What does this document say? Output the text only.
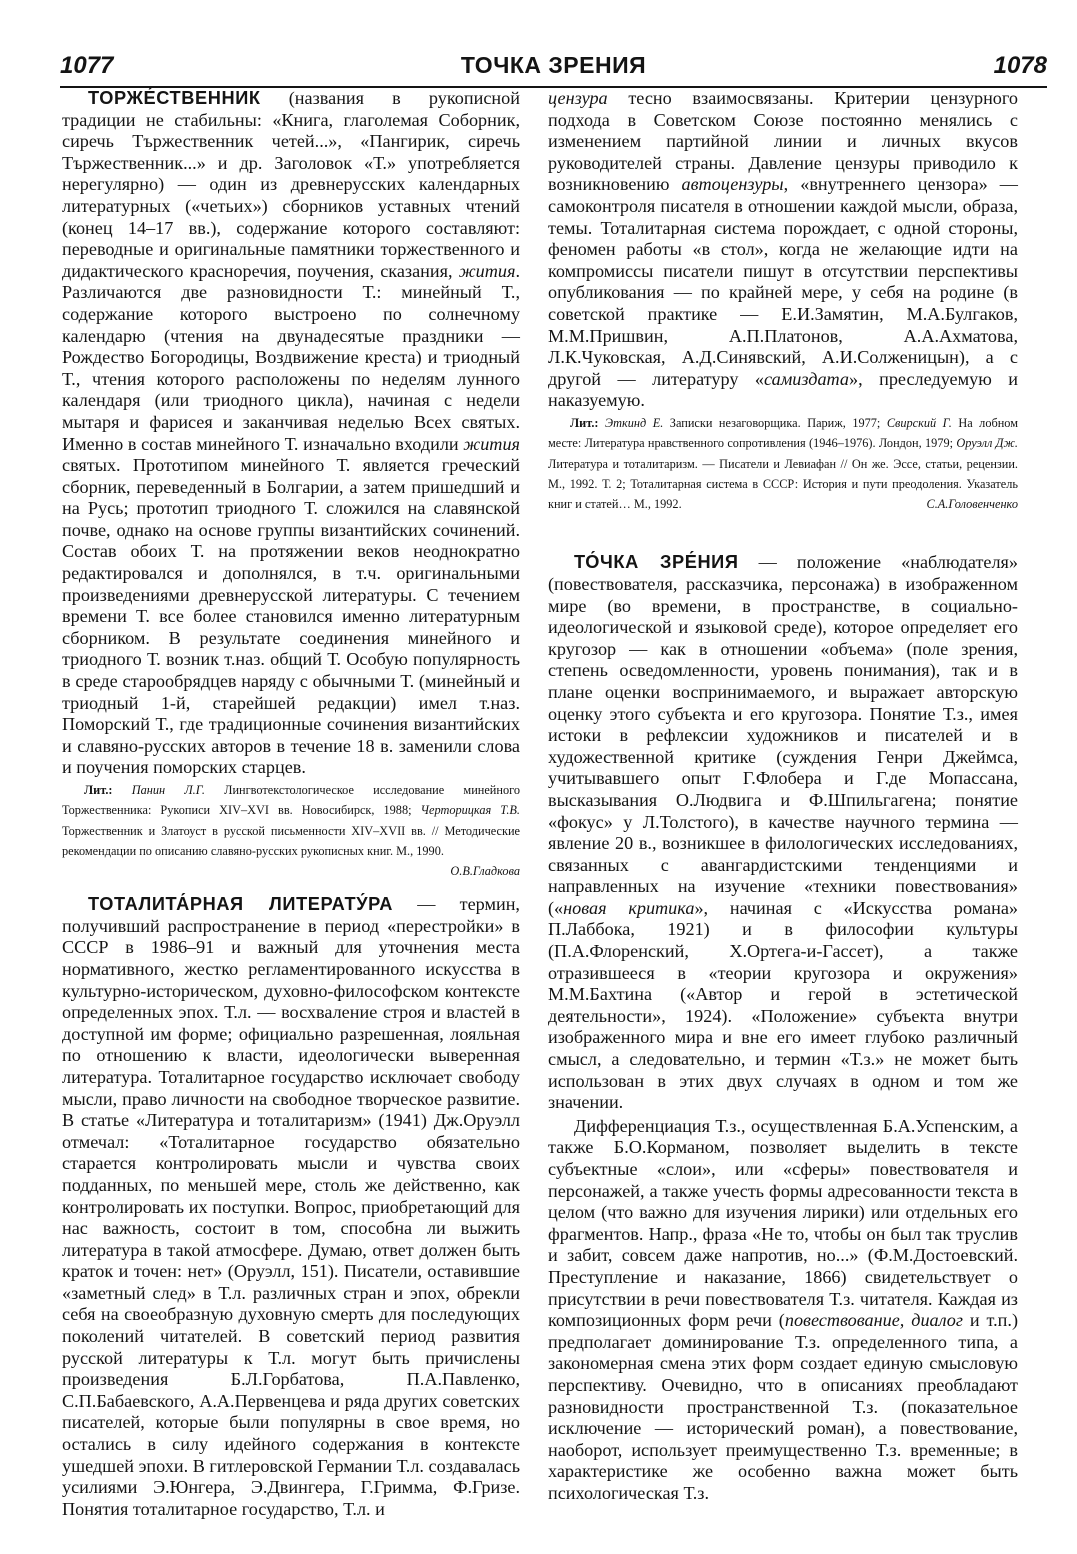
1077	ТОЧКА ЗРЕНИЯ	1078

ТОРЖЕ́СТВЕННИК (названия в рукописной традиции не стабильны: «Книга, глаголемая Соборник, сиречь Тържественник четей...», «Пангирик, сиречь Тържественник...» и др. Заголовок «Т.» употребляется нерегулярно) — один из древнерусских календарных литературных («четьих») сборников уставных чтений (конец 14–17 вв.), содержание которого составляют: переводные и оригинальные памятники торжественного и дидактического красноречия, поучения, сказания, жития. Различаются две разновидности Т.: минейный Т., содержание которого выстроено по солнечному календарю (чтения на двунадесятые праздники — Рождество Богородицы, Воздвижение креста) и триодный Т., чтения которого расположены по неделям лунного календаря (или триодного цикла), начиная с недели мытаря и фарисея и заканчивая неделью Всех святых. Именно в состав минейного Т. изначально входили жития святых. Прототипом минейного Т. является греческий сборник, переведенный в Болгарии, а затем пришедший и на Русь; прототип триодного Т. сложился на славянской почве, однако на основе группы византийских сочинений. Состав обоих Т. на протяжении веков неоднократно редактировался и дополнялся, в т.ч. оригинальными произведениями древнерусской литературы. С течением времени Т. все более становился именно литературным сборником. В результате соединения минейного и триодного Т. возник т.наз. общий Т. Особую популярность в среде старообрядцев наряду с обычными Т. (минейный и триодный 1-й, старейшей редакции) имел т.наз. Поморский Т., где традиционные сочинения византийских и славяно-русских авторов в течение 18 в. заменили слова и поучения поморских старцев.

Лит.: Панин Л.Г. Лингвотекстологическое исследование минейного Торжественника: Рукописи XIV–XVI вв. Новосибирск, 1988; Черторицкая Т.В. Торжественник и Златоуст в русской письменности XIV–XVII вв. // Методические рекомендации по описанию славяно-русских рукописных книг. М., 1990.
О.В.Гладкова

ТОТАЛИТА́РНАЯ ЛИТЕРАТУ́РА — термин, получивший распространение в период «перестройки» в СССР в 1986–91 и важный для уточнения места нормативного, жестко регламентированного искусства в культурно-историческом, духовно-философском контексте определенных эпох. Т.л. — восхваление строя и властей в доступной им форме; официально разрешенная, лояльная по отношению к власти, идеологически выверенная литература. Тоталитарное государство исключает свободу мысли, право личности на свободное творческое развитие. В статье «Литература и тоталитаризм» (1941) Дж.Оруэлл отмечал: «Тоталитарное государство обязательно старается контролировать мысли и чувства своих подданных, по меньшей мере, столь же действенно, как контролировать их поступки. Вопрос, приобретающий для нас важность, состоит в том, способна ли выжить литература в такой атмосфере. Думаю, ответ должен быть краток и точен: нет» (Оруэлл, 151). Писатели, оставившие «заметный след» в Т.л. различных стран и эпох, обрекли себя на своеобразную духовную смерть для последующих поколений читателей. В советский период развития русской литературы к Т.л. могут быть причислены произведения Б.Л.Горбатова, П.А.Павленко, С.П.Бабаевского, А.А.Первенцева и ряда других советских писателей, которые были популярны в свое время, но остались в силу идейного содержания в контексте ушедшей эпохи. В гитлеровской Германии Т.л. создавалась усилиями Э.Юнгера, Э.Двингера, Г.Гримма, Ф.Гризе. Понятия тоталитарное государство, Т.л. и

цензура тесно взаимосвязаны. Критерии цензурного подхода в Советском Союзе постоянно менялись с изменением партийной линии и личных вкусов руководителей страны. Давление цензуры приводило к возникновению автоцензуры, «внутреннего цензора» — самоконтроля писателя в отношении каждой мысли, образа, темы. Тоталитарная система порождает, с одной стороны, феномен работы «в стол», когда не желающие идти на компромиссы писатели пишут в отсутствии перспективы опубликования — по крайней мере, у себя на родине (в советской практике — Е.И.Замятин, М.А.Булгаков, М.М.Пришвин, А.П.Платонов, А.А.Ахматова, Л.К.Чуковская, А.Д.Синявский, А.И.Солженицын), а с другой — литературу «самиздата», преследуемую и наказуемую.

Лит.: Эткинд Е. Записки незаговорщика. Париж, 1977; Свирский Г. На лобном месте: Литература нравственного сопротивления (1946–1976). Лондон, 1979; Оруэлл Дж. Литература и тоталитаризм. — Писатели и Левиафан // Он же. Эссе, статьи, рецензии. М., 1992. Т. 2; Тоталитарная система в СССР: История и пути преодоления. Указатель книг и статей… М., 1992.	С.А.Головенченко

ТО́ЧКА ЗРЕ́НИЯ — положение «наблюдателя» (повествователя, рассказчика, персонажа) в изображенном мире (во времени, в пространстве, в социально-идеологической и языковой среде), которое определяет его кругозор — как в отношении «объема» (поле зрения, степень осведомленности, уровень понимания), так и в плане оценки воспринимаемого, и выражает авторскую оценку этого субъекта и его кругозора. Понятие Т.з., имея истоки в рефлексии художников и писателей и в художественной критике (суждения Генри Джеймса, учитывавшего опыт Г.Флобера и Г.де Мопассана, высказывания О.Людвига и Ф.Шпильгагена; понятие «фокус» у Л.Толстого), в качестве научного термина — явление 20 в., возникшее в филологических исследованиях, связанных с авангардистскими тенденциями и направленных на изучение «техники повествования» («новая критика», начиная с «Искусства романа» П.Лаббока, 1921) и в философии культуры (П.А.Флоренский, Х.Ортега-и-Гассет), а также отразившееся в «теории кругозора и окружения» М.М.Бахтина («Автор и герой в эстетической деятельности», 1924). «Положение» субъекта внутри изображенного мира и вне его имеет глубоко различный смысл, а следовательно, и термин «Т.з.» не может быть использован в этих двух случаях в одном и том же значении.

Дифференциация Т.з., осуществленная Б.А.Успенским, а также Б.О.Корманом, позволяет выделить в тексте субъектные «слои», или «сферы» повествователя и персонажей, а также учесть формы адресованности текста в целом (что важно для изучения лирики) или отдельных его фрагментов. Напр., фраза «Не то, чтобы он был так труслив и забит, совсем даже напротив, но...» (Ф.М.Достоевский. Преступление и наказание, 1866) свидетельствует о присутствии в речи повествователя Т.з. читателя. Каждая из композиционных форм речи (повествование, диалог и т.п.) предполагает доминирование Т.з. определенного типа, а закономерная смена этих форм создает единую смысловую перспективу. Очевидно, что в описаниях преобладают разновидности пространственной Т.з. (показательное исключение — исторический роман), а повествование, наоборот, использует преимущественно Т.з. временные; в характеристике же особенно важна может быть психологическая Т.з.
